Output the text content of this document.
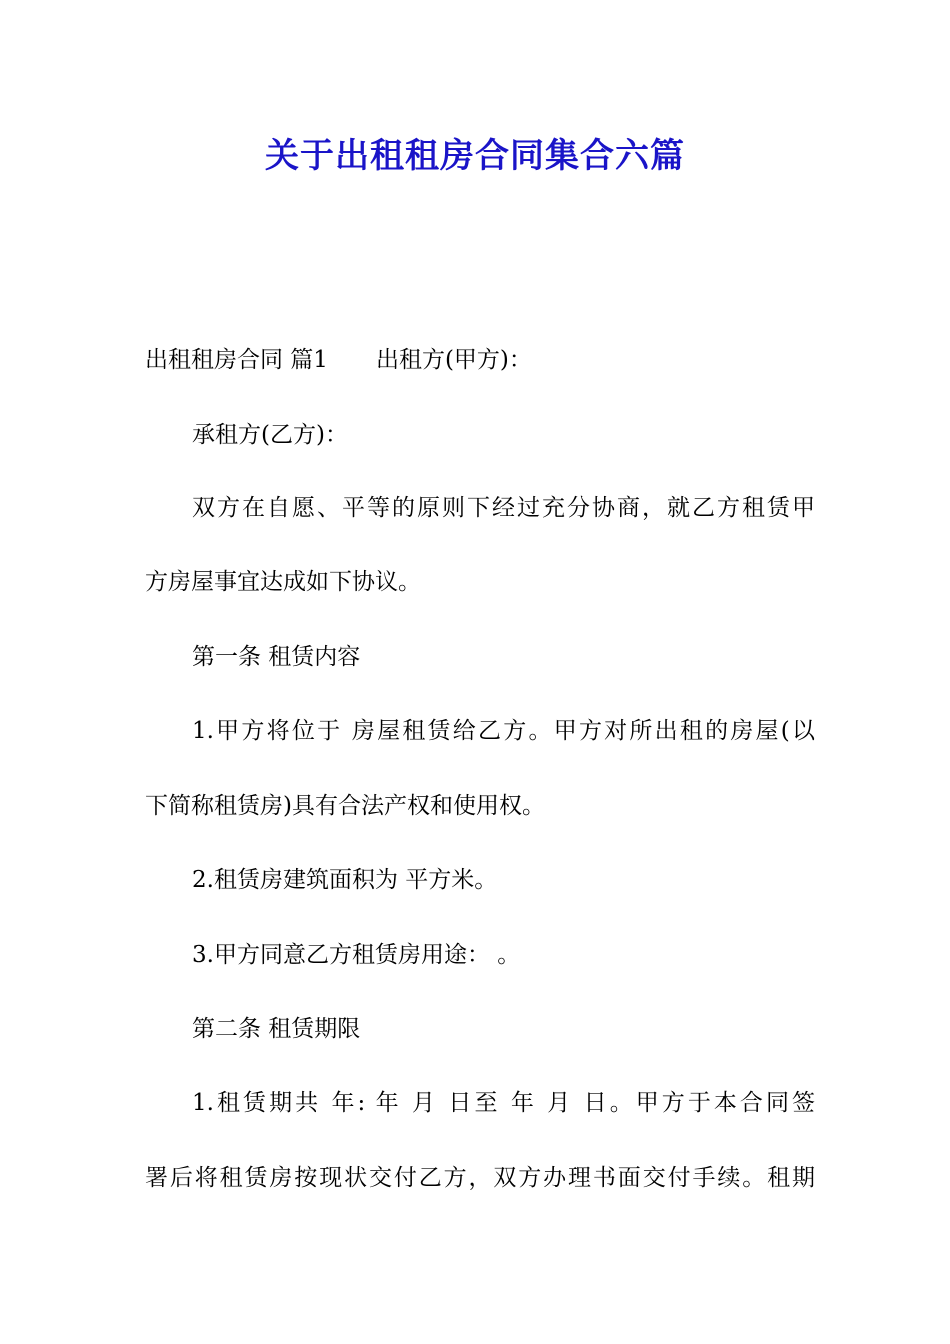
关于出租租房合同集合六篇
出租租房合同 篇1 出租方(甲方)：
承租方(乙方)：
双方在自愿、平等的原则下经过充分协商，就乙方租赁甲
方房屋事宜达成如下协议。
第一条 租赁内容
1.甲方将位于 房屋租赁给乙方。甲方对所出租的房屋(以
下简称租赁房)具有合法产权和使用权。
2.租赁房建筑面积为 平方米。
3.甲方同意乙方租赁房用途： 。
第二条 租赁期限
1.租赁期共 年: 年 月 日至 年 月 日。甲方于本合同签
署后将租赁房按现状交付乙方，双方办理书面交付手续。租期
